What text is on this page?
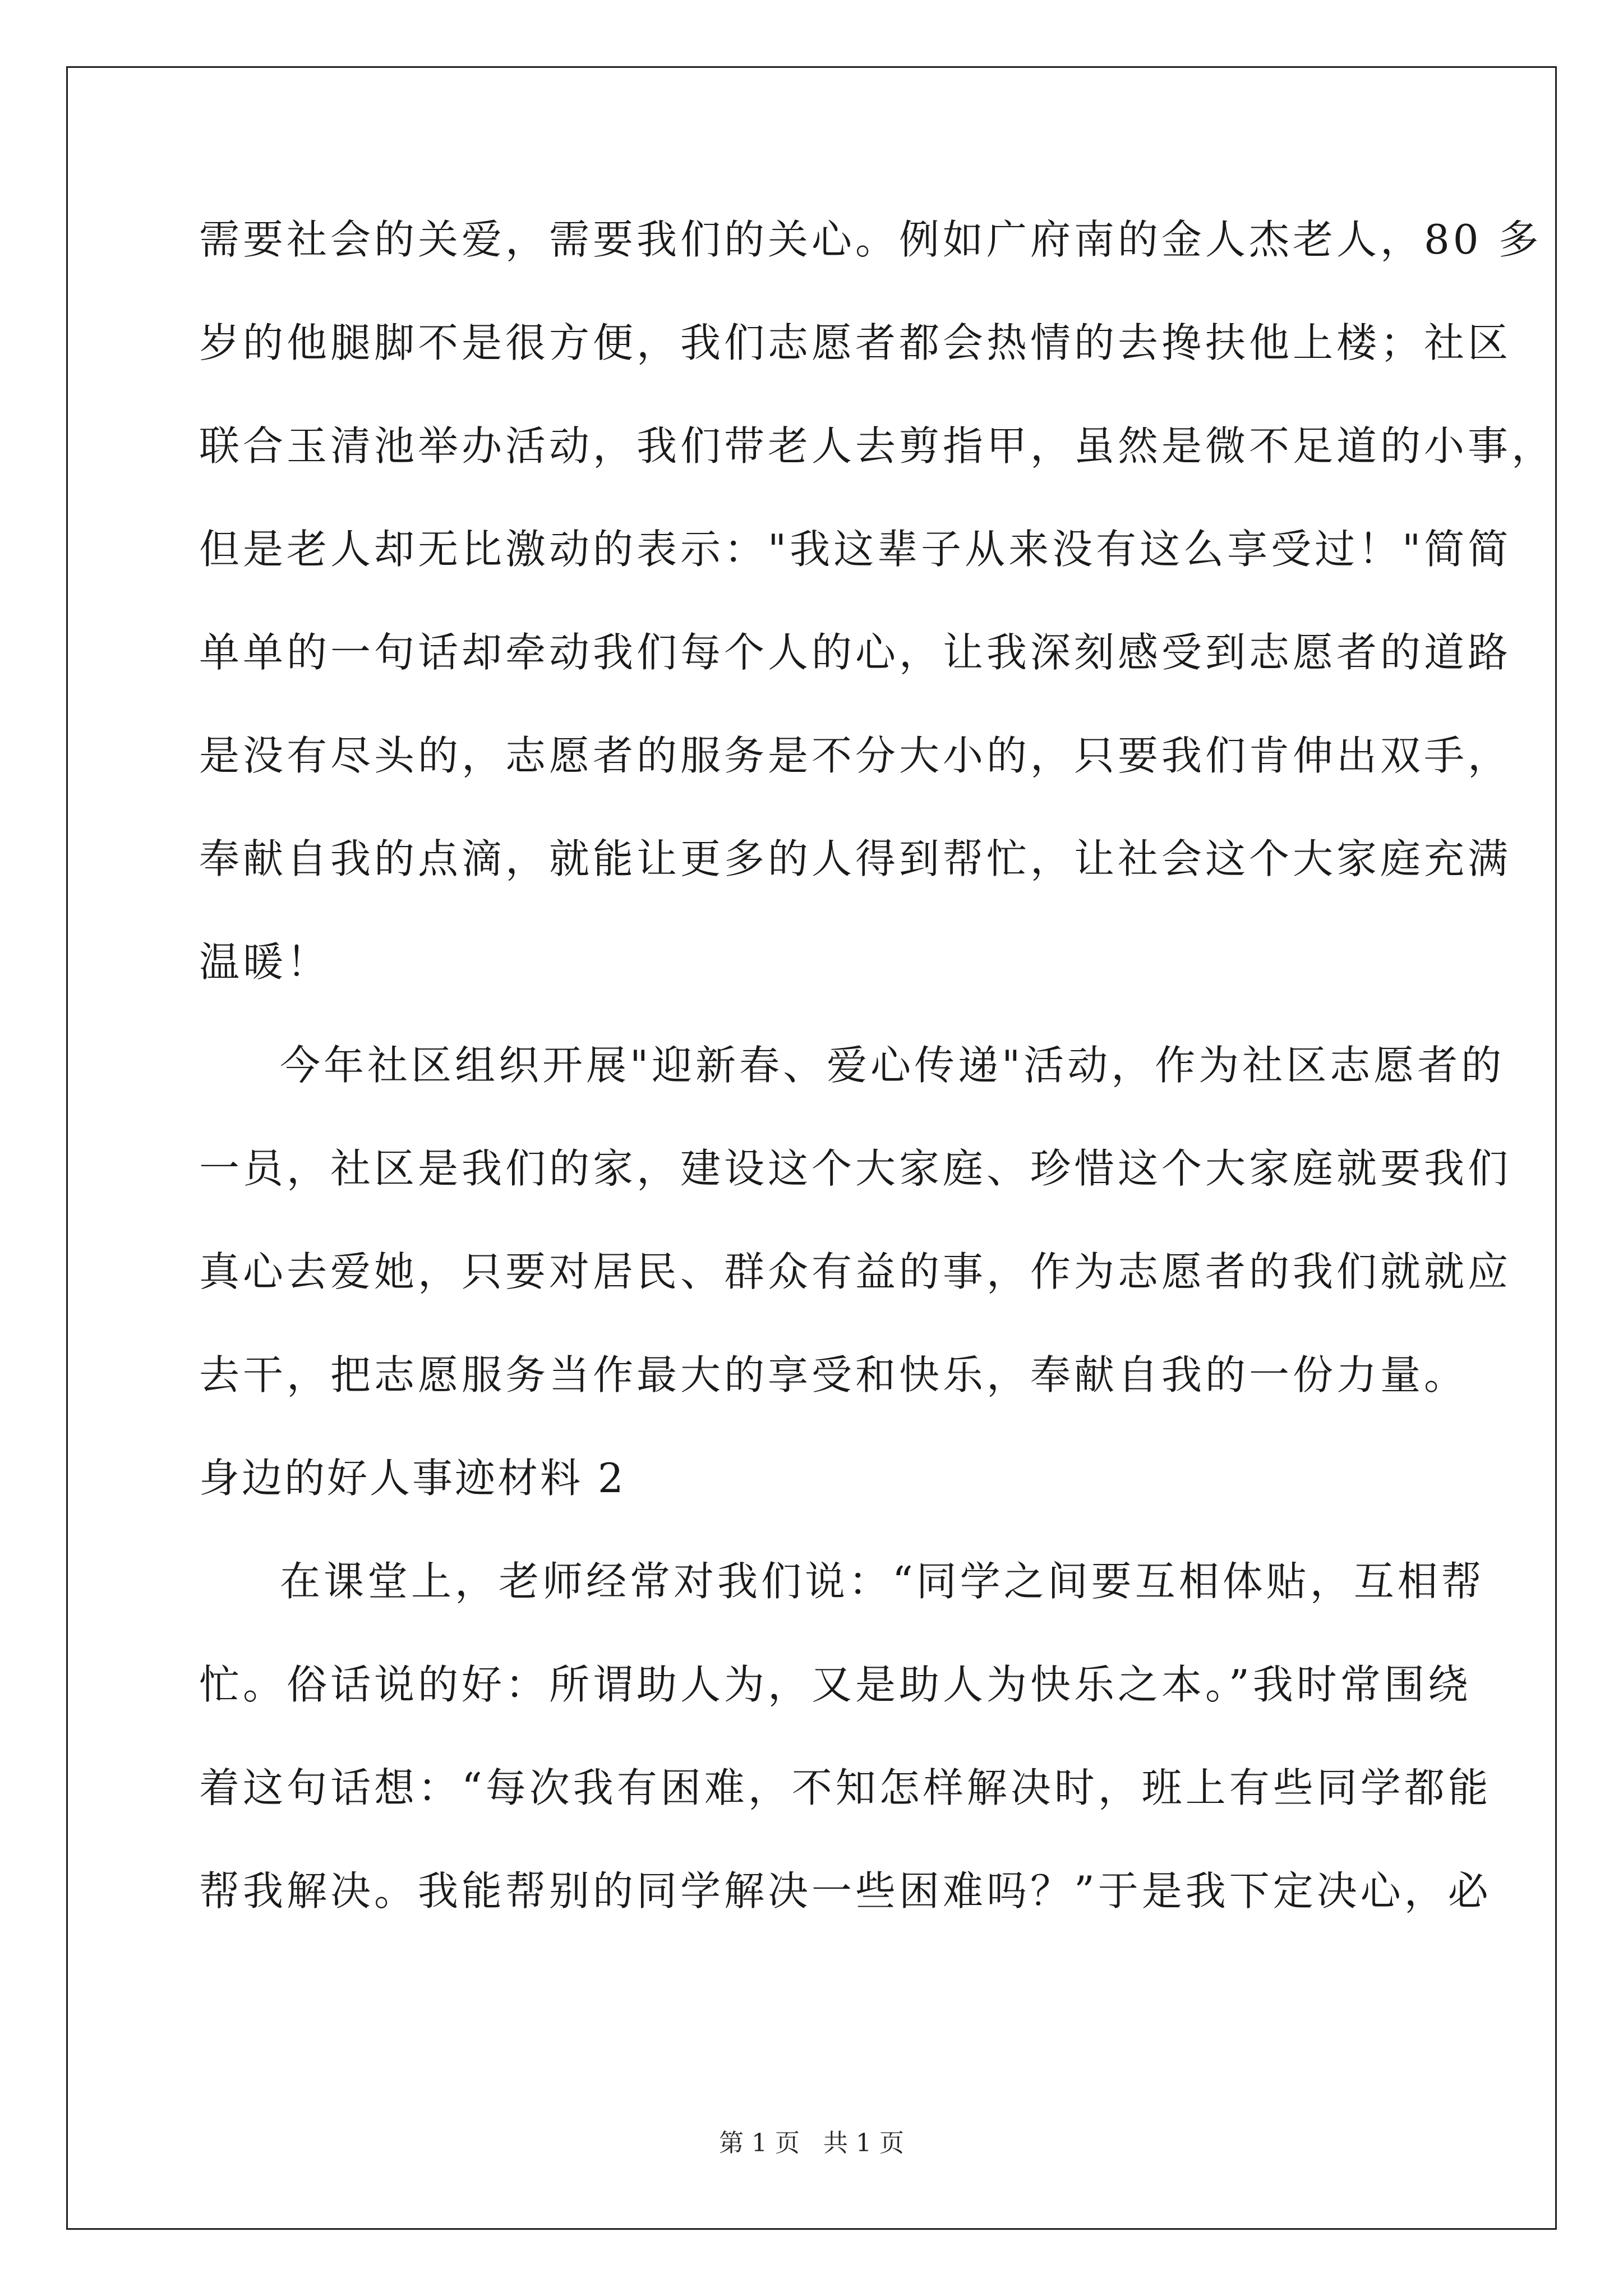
需要社会的关爱，需要我们的关心。例如广府南的金人杰老人，80 多
岁的他腿脚不是很方便，我们志愿者都会热情的去搀扶他上楼；社区
联合玉清池举办活动，我们带老人去剪指甲，虽然是微不足道的小事，
但是老人却无比激动的表示："我这辈子从来没有这么享受过！"简简
单单的一句话却牵动我们每个人的心，让我深刻感受到志愿者的道路
是没有尽头的，志愿者的服务是不分大小的，只要我们肯伸出双手，
奉献自我的点滴，就能让更多的人得到帮忙，让社会这个大家庭充满
温暖！
今年社区组织开展"迎新春、爱心传递"活动，作为社区志愿者的
一员，社区是我们的家，建设这个大家庭、珍惜这个大家庭就要我们
真心去爱她，只要对居民、群众有益的事，作为志愿者的我们就就应
去干，把志愿服务当作最大的享受和快乐，奉献自我的一份力量。
身边的好人事迹材料 2
在课堂上，老师经常对我们说：“同学之间要互相体贴，互相帮
忙。俗话说的好：所谓助人为，又是助人为快乐之本。”我时常围绕
着这句话想：“每次我有困难，不知怎样解决时，班上有些同学都能
帮我解决。我能帮别的同学解决一些困难吗？”于是我下定决心，必
第 1 页 共 1 页
